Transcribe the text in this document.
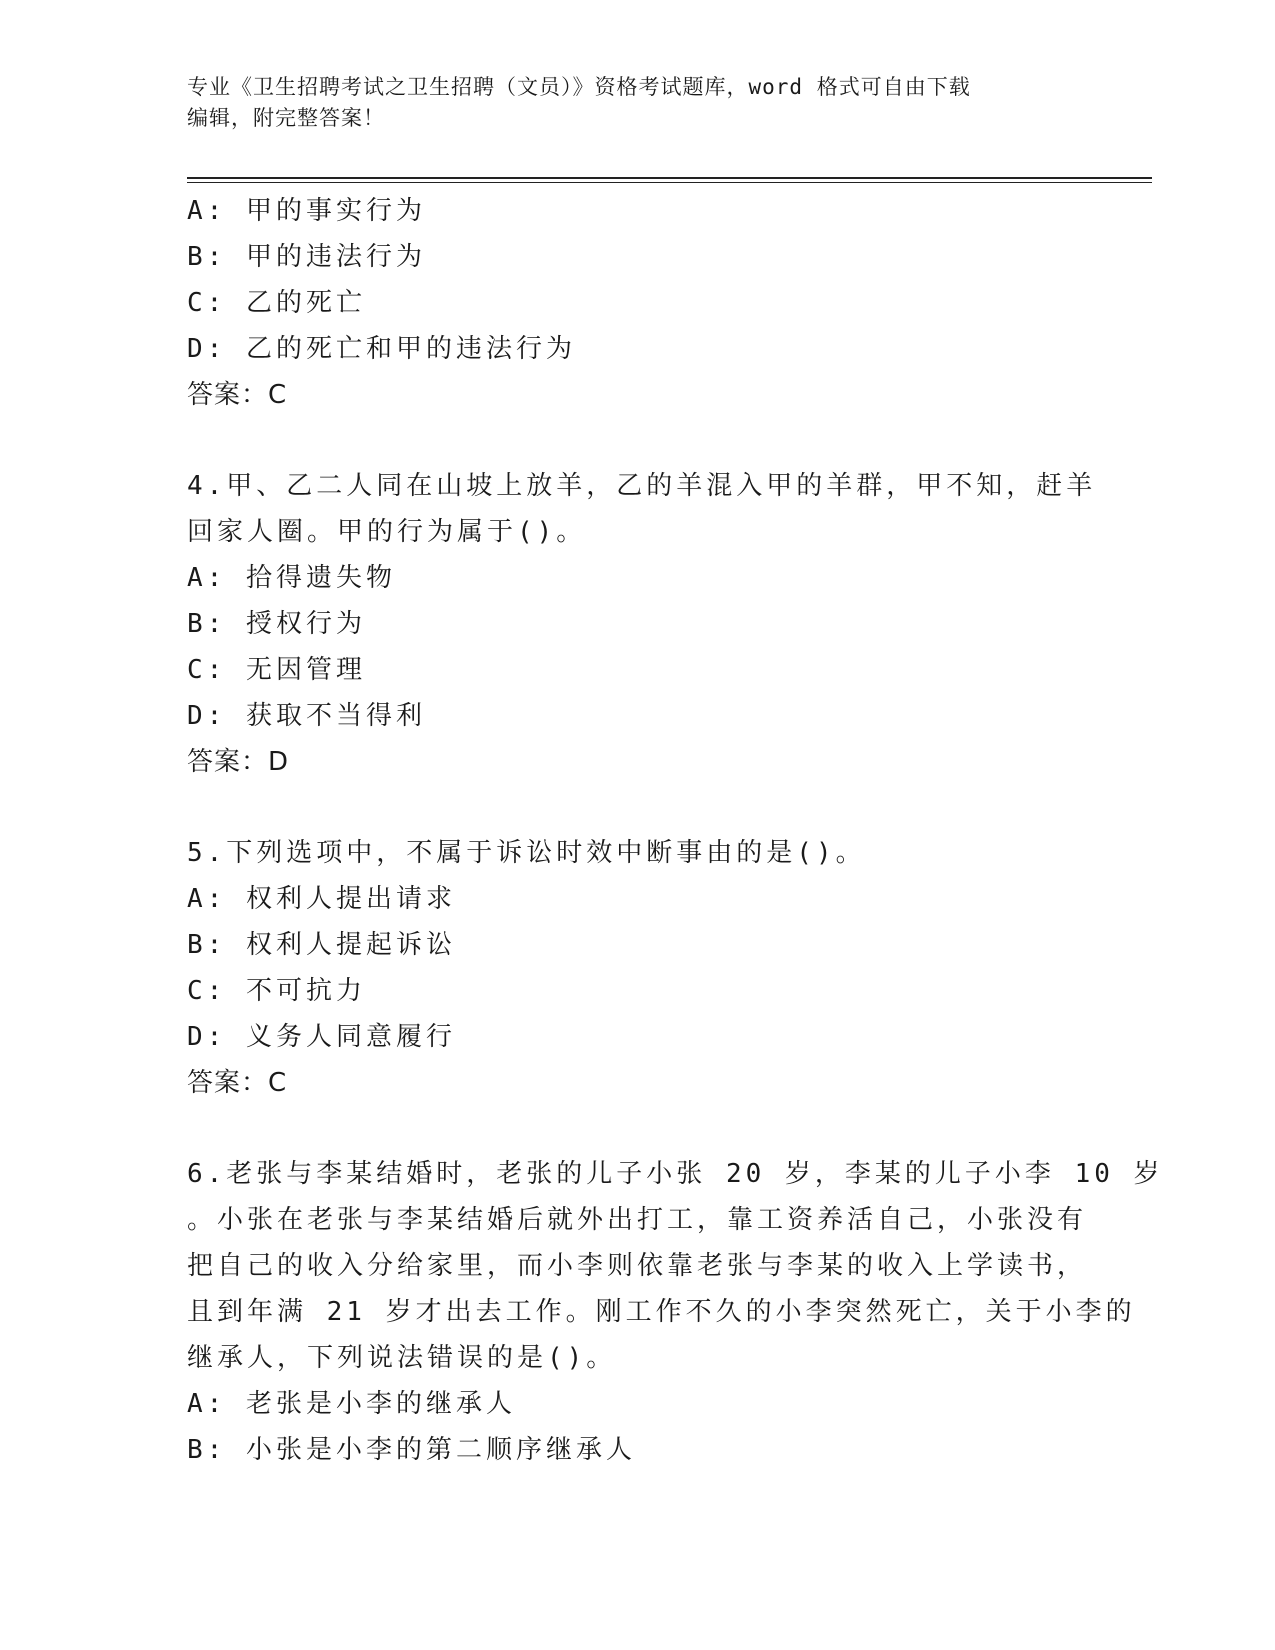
专业《卫生招聘考试之卫生招聘（文员）》资格考试题库，word 格式可自由下载
编辑，附完整答案！
A: 甲的事实行为
B: 甲的违法行为
C: 乙的死亡
D: 乙的死亡和甲的违法行为
答案：C
4.甲、乙二人同在山坡上放羊，乙的羊混入甲的羊群，甲不知，赶羊
回家人圈。甲的行为属于()。
A: 拾得遗失物
B: 授权行为
C: 无因管理
D: 获取不当得利
答案：D
5.下列选项中，不属于诉讼时效中断事由的是()。
A: 权利人提出请求
B: 权利人提起诉讼
C: 不可抗力
D: 义务人同意履行
答案：C
6.老张与李某结婚时，老张的儿子小张 20 岁，李某的儿子小李 10 岁
。小张在老张与李某结婚后就外出打工，靠工资养活自己，小张没有
把自己的收入分给家里，而小李则依靠老张与李某的收入上学读书，
且到年满 21 岁才出去工作。刚工作不久的小李突然死亡，关于小李的
继承人，下列说法错误的是()。
A: 老张是小李的继承人
B: 小张是小李的第二顺序继承人
